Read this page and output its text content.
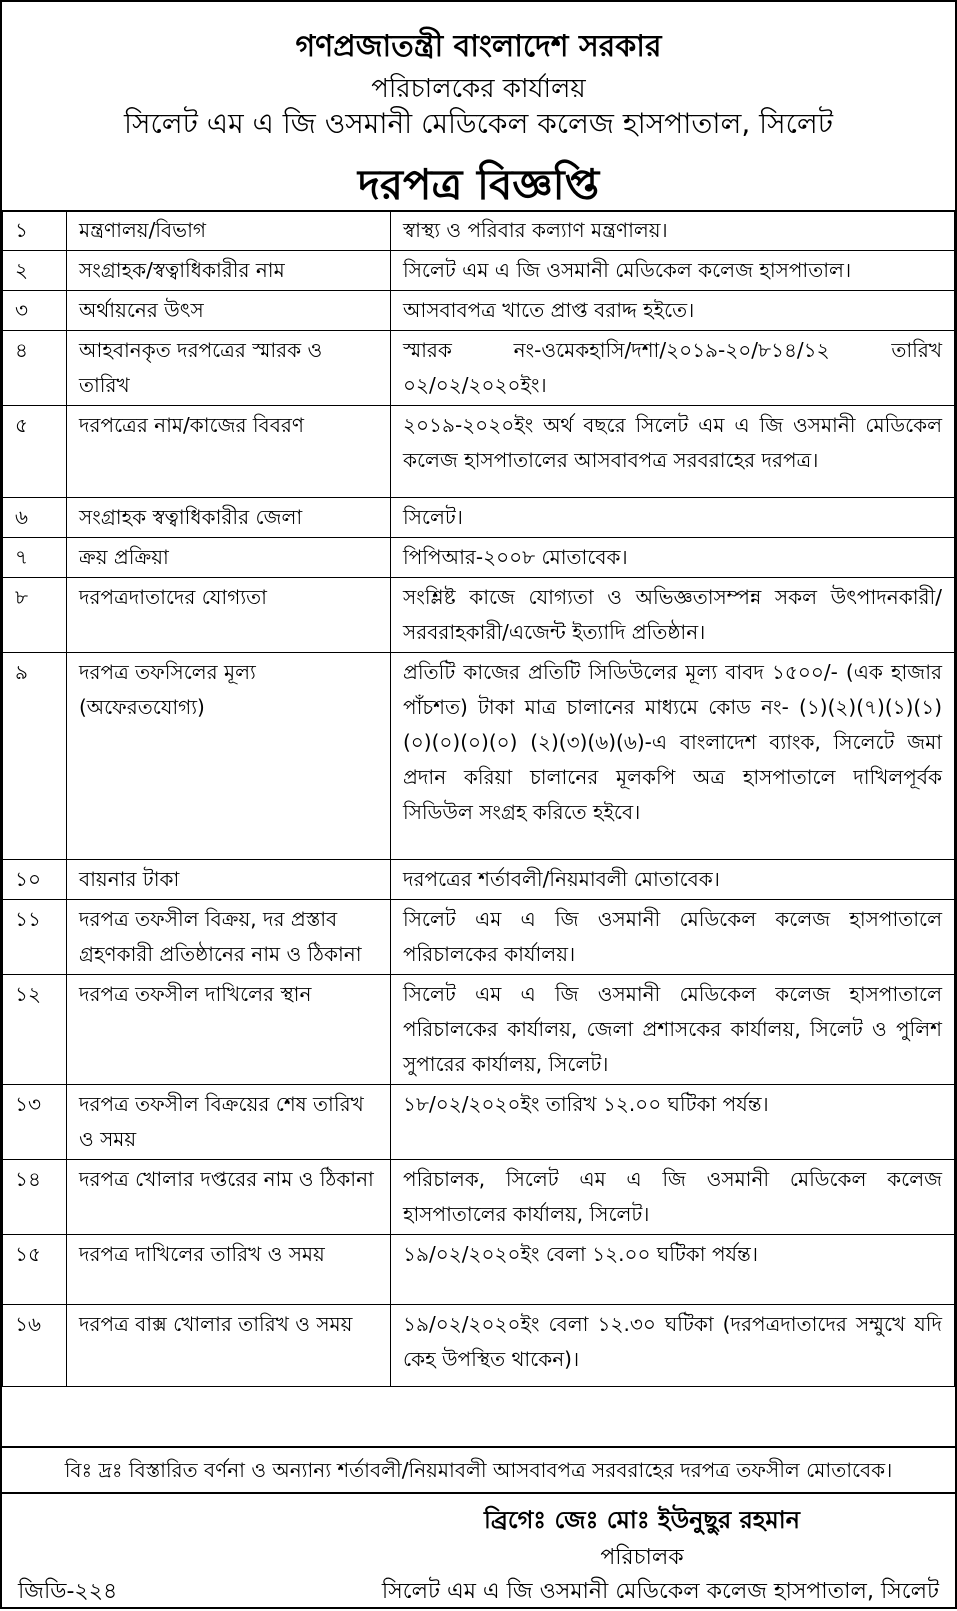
গণপ্রজাতন্ত্রী বাংলাদেশ সরকার
পরিচালকের কার্যালয়
সিলেট এম এ জি ওসমানী মেডিকেল কলেজ হাসপাতাল, সিলেট
দরপত্র বিজ্ঞপ্তি
১	মন্ত্রণালয়/বিভাগ	স্বাস্থ্য ও পরিবার কল্যাণ মন্ত্রণালয়।
২	সংগ্রাহক/স্বত্বাধিকারীর নাম	সিলেট এম এ জি ওসমানী মেডিকেল কলেজ হাসপাতাল।
৩	অর্থায়নের উৎস	আসবাবপত্র খাতে প্রাপ্ত বরাদ্দ হইতে।
৪	আহবানকৃত দরপত্রের স্মারক ও তারিখ	স্মারক নং-ওমেকহাসি/দশা/২০১৯-২০/৮১৪/১২ তারিখ ০২/০২/২০২০ইং।
৫	দরপত্রের নাম/কাজের বিবরণ	২০১৯-২০২০ইং অর্থ বছরে সিলেট এম এ জি ওসমানী মেডিকেল কলেজ হাসপাতালের আসবাবপত্র সরবরাহের দরপত্র।
৬	সংগ্রাহক স্বত্বাধিকারীর জেলা	সিলেট।
৭	ক্রয় প্রক্রিয়া	পিপিআর-২০০৮ মোতাবেক।
৮	দরপত্রদাতাদের যোগ্যতা	সংশ্লিষ্ট কাজে যোগ্যতা ও অভিজ্ঞতাসম্পন্ন সকল উৎপাদনকারী/সরবরাহকারী/এজেন্ট ইত্যাদি প্রতিষ্ঠান।
৯	দরপত্র তফসিলের মূল্য (অফেরতযোগ্য)	প্রতিটি কাজের প্রতিটি সিডিউলের মূল্য বাবদ ১৫০০/- (এক হাজার পাঁচশত) টাকা মাত্র চালানের মাধ্যমে কোড নং- (১)(২)(৭)(১)(১) (০)(০)(০)(০) (২)(৩)(৬)(৬)-এ বাংলাদেশ ব্যাংক, সিলেটে জমা প্রদান করিয়া চালানের মূলকপি অত্র হাসপাতালে দাখিলপূর্বক সিডিউল সংগ্রহ করিতে হইবে।
১০	বায়নার টাকা	দরপত্রের শর্তাবলী/নিয়মাবলী মোতাবেক।
১১	দরপত্র তফসীল বিক্রয়, দর প্রস্তাব গ্রহণকারী প্রতিষ্ঠানের নাম ও ঠিকানা	সিলেট এম এ জি ওসমানী মেডিকেল কলেজ হাসপাতালে পরিচালকের কার্যালয়।
১২	দরপত্র তফসীল দাখিলের স্থান	সিলেট এম এ জি ওসমানী মেডিকেল কলেজ হাসপাতালে পরিচালকের কার্যালয়, জেলা প্রশাসকের কার্যালয়, সিলেট ও পুলিশ সুপারের কার্যালয়, সিলেট।
১৩	দরপত্র তফসীল বিক্রয়ের শেষ তারিখ ও সময়	১৮/০২/২০২০ইং তারিখ ১২.০০ ঘটিকা পর্যন্ত।
১৪	দরপত্র খোলার দপ্তরের নাম ও ঠিকানা	পরিচালক, সিলেট এম এ জি ওসমানী মেডিকেল কলেজ হাসপাতালের কার্যালয়, সিলেট।
১৫	দরপত্র দাখিলের তারিখ ও সময়	১৯/০২/২০২০ইং বেলা ১২.০০ ঘটিকা পর্যন্ত।
১৬	দরপত্র বাক্স খোলার তারিখ ও সময়	১৯/০২/২০২০ইং বেলা ১২.৩০ ঘটিকা (দরপত্রদাতাদের সম্মুখে যদি কেহ উপস্থিত থাকেন)।
বিঃ দ্রঃ বিস্তারিত বর্ণনা ও অন্যান্য শর্তাবলী/নিয়মাবলী আসবাবপত্র সরবরাহের দরপত্র তফসীল মোতাবেক।
ব্রিগেঃ জেঃ মোঃ ইউনুছুর রহমান
পরিচালক
জিডি-২২৪	সিলেট এম এ জি ওসমানী মেডিকেল কলেজ হাসপাতাল, সিলেট
